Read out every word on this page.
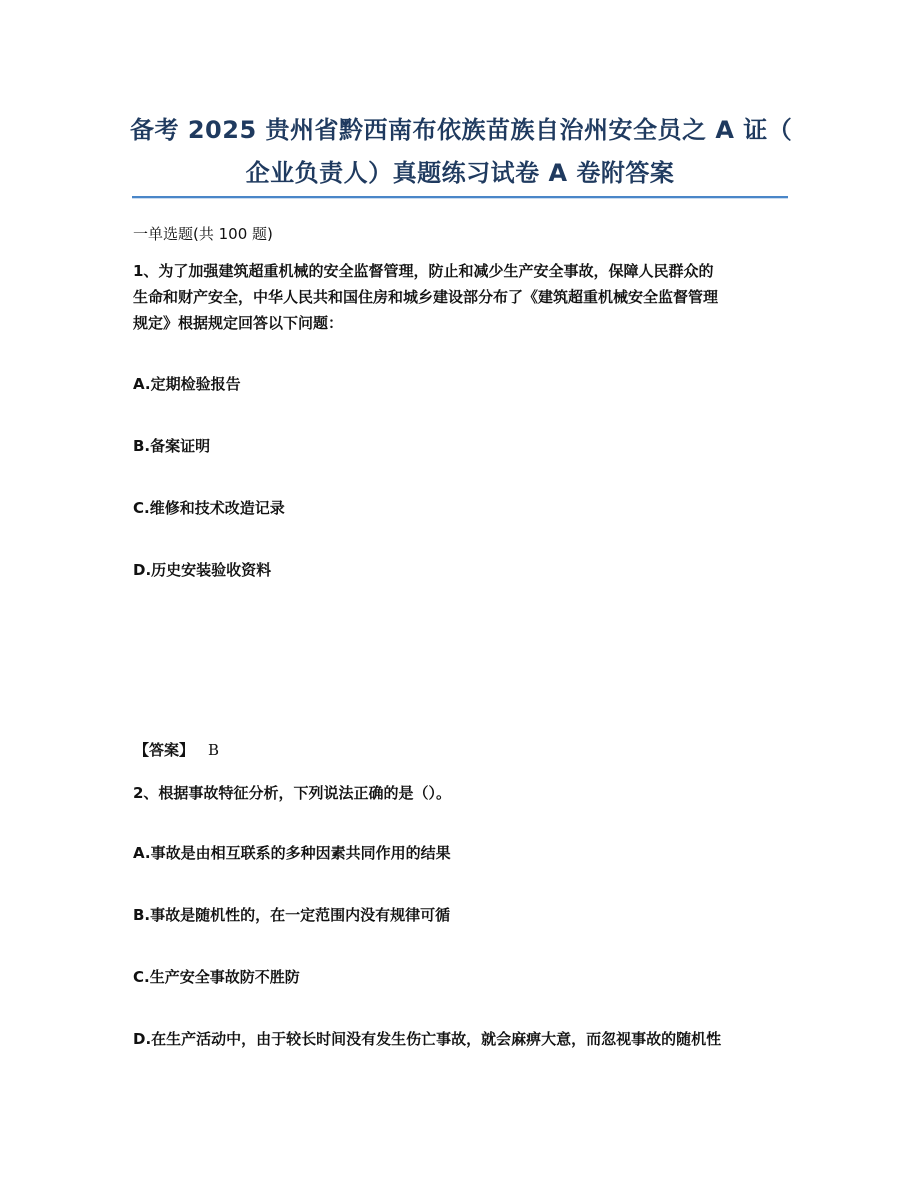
备考 2025 贵州省黔西南布依族苗族自治州安全员之 A 证（
企业负责人）真题练习试卷 A 卷附答案
一单选题(共 100 题)
1、为了加强建筑超重机械的安全监督管理，防止和减少生产安全事故，保障人民群众的
生命和财产安全，中华人民共和国住房和城乡建设部分布了《建筑超重机械安全监督管理
规定》根据规定回答以下问题：
A.定期检验报告
B.备案证明
C.维修和技术改造记录
D.历史安装验收资料
【答案】 B
2、根据事故特征分析，下列说法正确的是（）。
A.事故是由相互联系的多种因素共同作用的结果
B.事故是随机性的，在一定范围内没有规律可循
C.生产安全事故防不胜防
D.在生产活动中，由于较长时间没有发生伤亡事故，就会麻痹大意，而忽视事故的随机性
